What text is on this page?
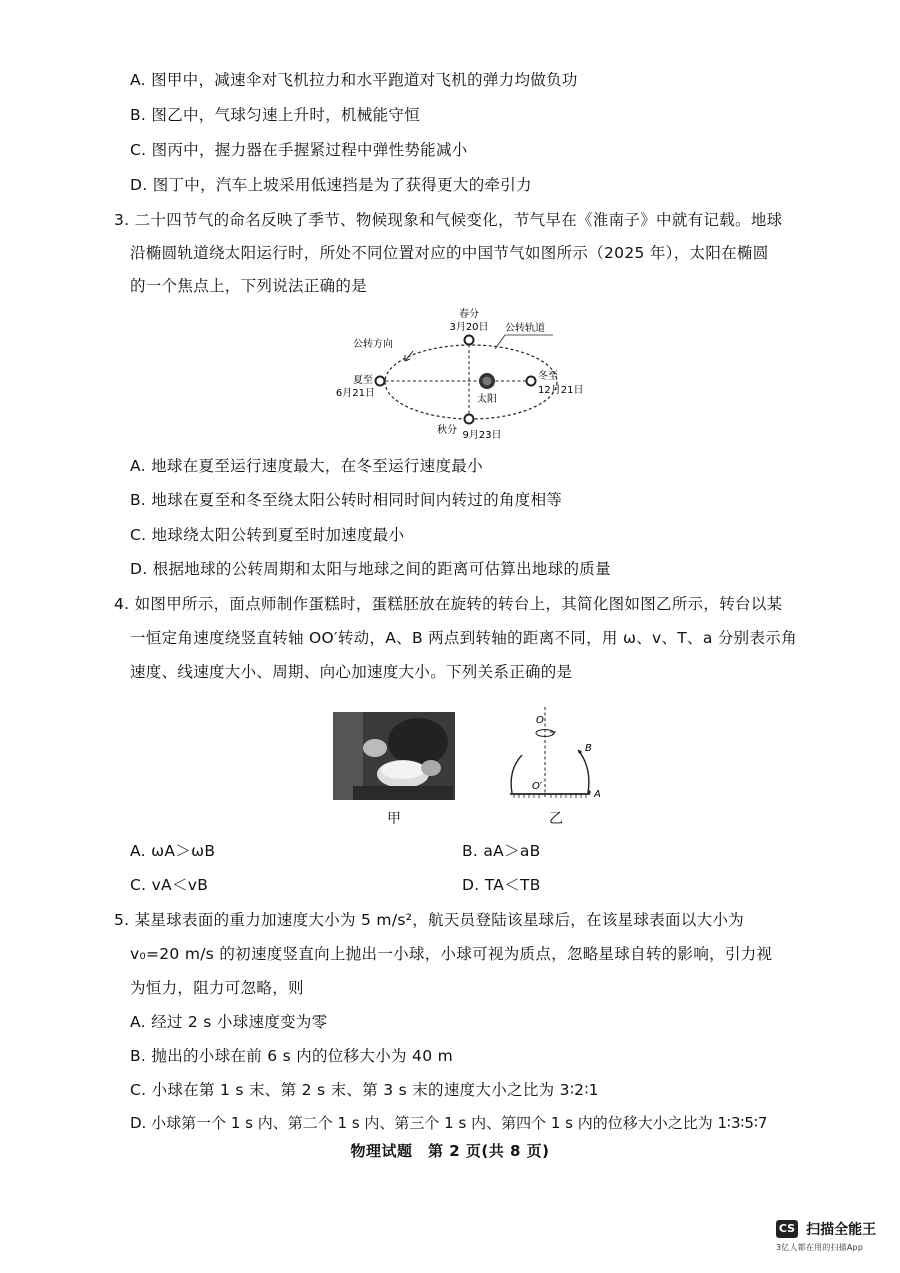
A. 图甲中，减速伞对飞机拉力和水平跑道对飞机的弹力均做负功
B. 图乙中，气球匀速上升时，机械能守恒
C. 图丙中，握力器在手握紧过程中弹性势能减小
D. 图丁中，汽车上坡采用低速挡是为了获得更大的牵引力
3. 二十四节气的命名反映了季节、物候现象和气候变化，节气早在《淮南子》中就有记载。地球
沿椭圆轨道绕太阳运行时，所处不同位置对应的中国节气如图所示（2025 年），太阳在椭圆
的一个焦点上，下列说法正确的是
春分
3月20日 公转轨道
公转方向
夏至
6月21日
冬至
12月21日
太阳
秋分 9月23日
A. 地球在夏至运行速度最大，在冬至运行速度最小
B. 地球在夏至和冬至绕太阳公转时相同时间内转过的角度相等
C. 地球绕太阳公转到夏至时加速度最小
D. 根据地球的公转周期和太阳与地球之间的距离可估算出地球的质量
4. 如图甲所示，面点师制作蛋糕时，蛋糕胚放在旋转的转台上，其简化图如图乙所示，转台以某
一恒定角速度绕竖直转轴 OO′转动，A、B 两点到转轴的距离不同，用 ω、v、T、a 分别表示角
速度、线速度大小、周期、向心加速度大小。下列关系正确的是
O
O′
B
A
甲	乙
A. ωA＞ωB	B. aA＞aB
C. vA＜vB	D. TA＜TB
5. 某星球表面的重力加速度大小为 5 m/s²，航天员登陆该星球后，在该星球表面以大小为
v₀=20 m/s 的初速度竖直向上抛出一小球，小球可视为质点，忽略星球自转的影响，引力视
为恒力，阻力可忽略，则
A. 经过 2 s 小球速度变为零
B. 抛出的小球在前 6 s 内的位移大小为 40 m
C. 小球在第 1 s 末、第 2 s 末、第 3 s 末的速度大小之比为 3∶2∶1
D. 小球第一个 1 s 内、第二个 1 s 内、第三个 1 s 内、第四个 1 s 内的位移大小之比为 1∶3∶5∶7
物理试题　第 2 页(共 8 页)
CS 扫描全能王
3亿人都在用的扫描App
